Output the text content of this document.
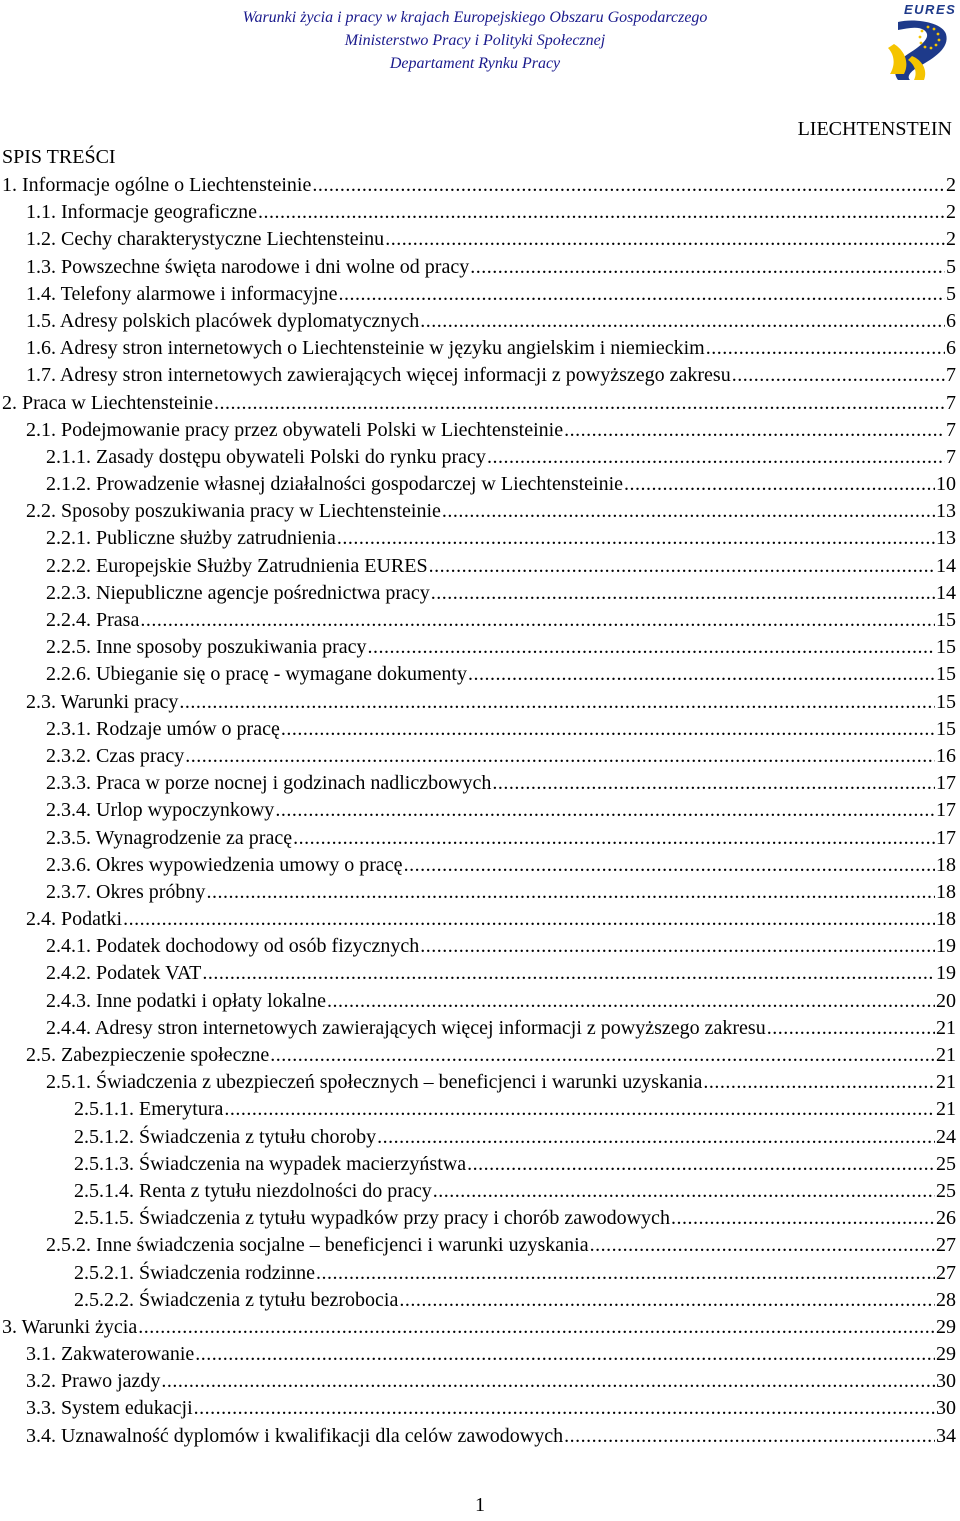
Warunki życia i pracy w krajach Europejskiego Obszaru Gospodarczego
Ministerstwo Pracy i Polityki Społecznej
Departament Rynku Pracy
EURES
LIECHTENSTEIN
SPIS TREŚCI
1. Informacje ogólne o Liechtensteinie .....	2
1.1. Informacje geograficzne .....	2
1.2. Cechy charakterystyczne Liechtensteinu .....	2
1.3. Powszechne święta narodowe i dni wolne od pracy .....	5
1.4. Telefony alarmowe i informacyjne .....	5
1.5. Adresy polskich placówek dyplomatycznych .....	6
1.6. Adresy stron internetowych o Liechtensteinie w języku angielskim i niemieckim .....	6
1.7. Adresy stron internetowych zawierających więcej informacji z powyższego zakresu .....	7
2. Praca w Liechtensteinie .....	7
2.1. Podejmowanie pracy przez obywateli Polski w Liechtensteinie .....	7
2.1.1. Zasady dostępu obywateli Polski do rynku pracy .....	7
2.1.2. Prowadzenie własnej działalności gospodarczej w Liechtensteinie .....	10
2.2. Sposoby poszukiwania pracy w Liechtensteinie .....	13
2.2.1. Publiczne służby zatrudnienia .....	13
2.2.2. Europejskie Służby Zatrudnienia EURES .....	14
2.2.3. Niepubliczne agencje pośrednictwa pracy .....	14
2.2.4. Prasa .....	15
2.2.5. Inne sposoby poszukiwania pracy .....	15
2.2.6. Ubieganie się o pracę - wymagane dokumenty .....	15
2.3. Warunki pracy .....	15
2.3.1. Rodzaje umów o pracę .....	15
2.3.2. Czas pracy .....	16
2.3.3. Praca w porze nocnej i godzinach nadliczbowych .....	17
2.3.4. Urlop wypoczynkowy .....	17
2.3.5. Wynagrodzenie za pracę .....	17
2.3.6. Okres wypowiedzenia umowy o pracę .....	18
2.3.7. Okres próbny .....	18
2.4. Podatki .....	18
2.4.1. Podatek dochodowy od osób fizycznych .....	19
2.4.2. Podatek VAT .....	19
2.4.3. Inne podatki i opłaty lokalne .....	20
2.4.4. Adresy stron internetowych zawierających więcej informacji z powyższego zakresu .....	21
2.5. Zabezpieczenie społeczne .....	21
2.5.1. Świadczenia z ubezpieczeń społecznych – beneficjenci i warunki uzyskania .....	21
2.5.1.1. Emerytura .....	21
2.5.1.2. Świadczenia z tytułu choroby .....	24
2.5.1.3. Świadczenia na wypadek macierzyństwa .....	25
2.5.1.4. Renta z tytułu niezdolności do pracy .....	25
2.5.1.5. Świadczenia z tytułu wypadków przy pracy i chorób zawodowych .....	26
2.5.2. Inne świadczenia socjalne – beneficjenci i warunki uzyskania .....	27
2.5.2.1. Świadczenia rodzinne .....	27
2.5.2.2. Świadczenia z tytułu bezrobocia .....	28
3. Warunki życia .....	29
3.1. Zakwaterowanie .....	29
3.2. Prawo jazdy .....	30
3.3. System edukacji .....	30
3.4. Uznawalność dyplomów i kwalifikacji dla celów zawodowych .....	34
1
